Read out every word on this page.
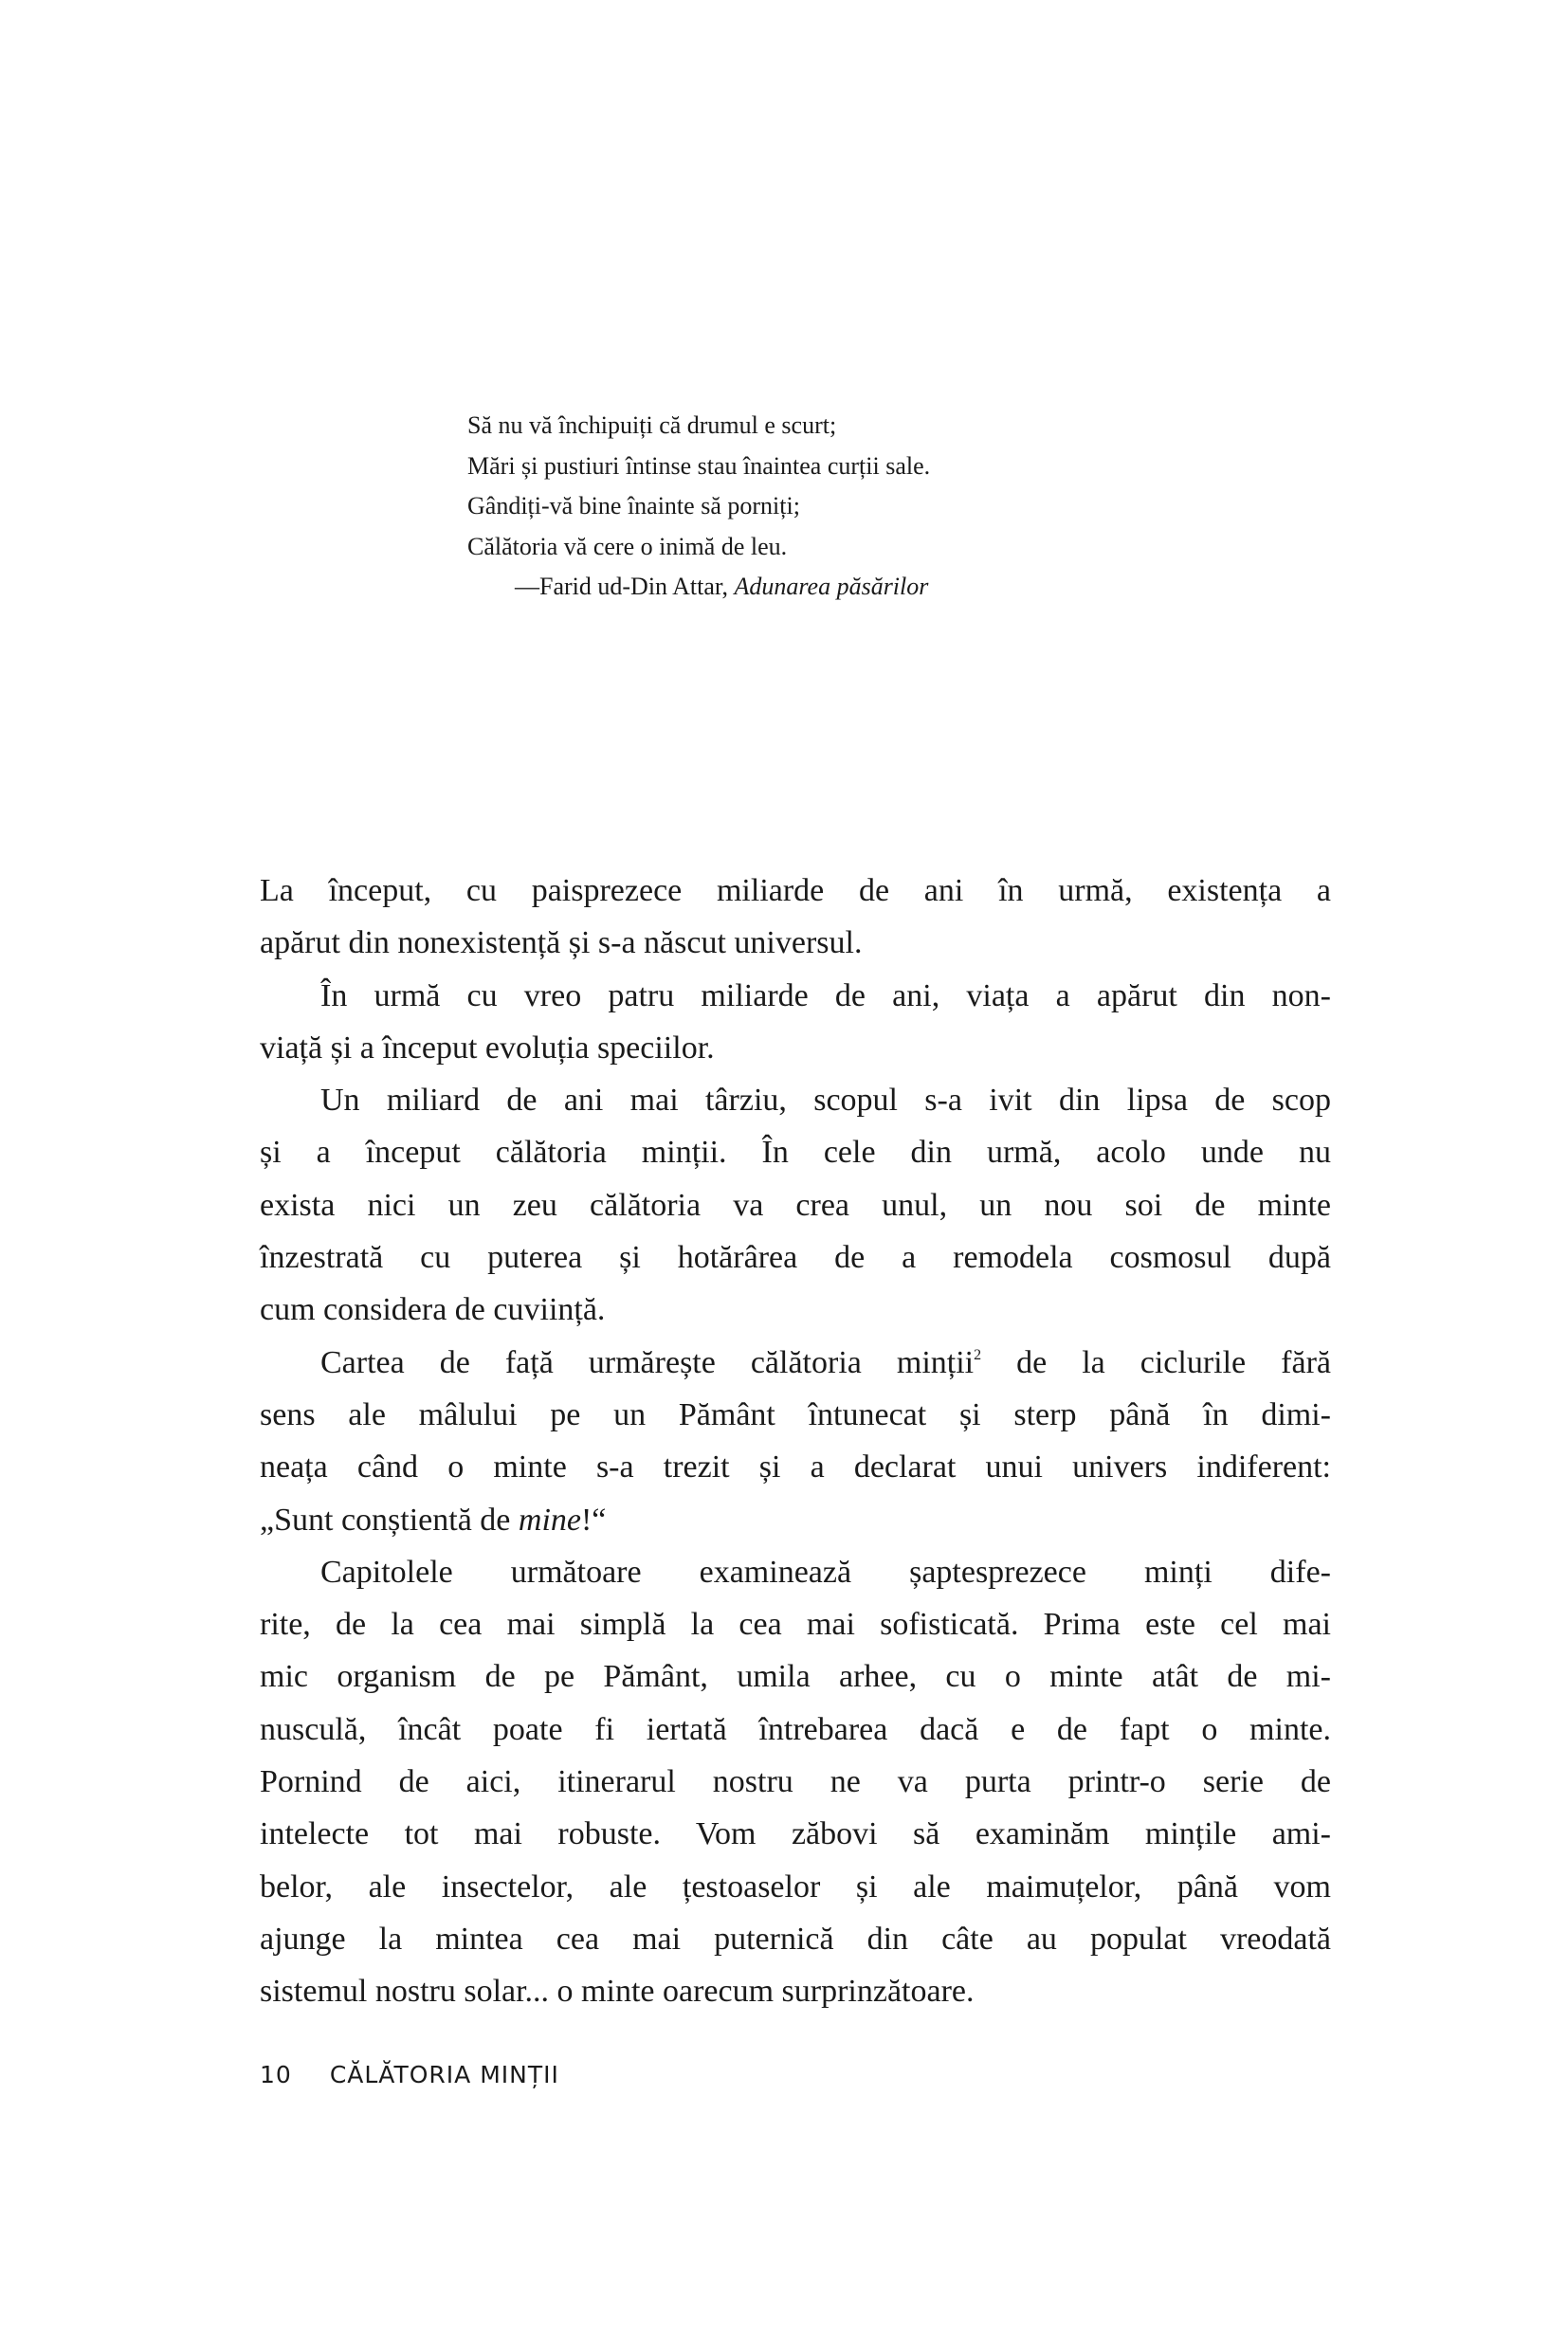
Să nu vă închipuiți că drumul e scurt;
Mări și pustiuri întinse stau înaintea curții sale.
Gândiți-vă bine înainte să porniți;
Călătoria vă cere o inimă de leu.
—Farid ud-Din Attar, Adunarea păsărilor
La început, cu paisprezece miliarde de ani în urmă, existența a
apărut din nonexistență și s-a născut universul.
În urmă cu vreo patru miliarde de ani, viața a apărut din non-
viață și a început evoluția speciilor.
Un miliard de ani mai târziu, scopul s-a ivit din lipsa de scop
și a început călătoria minții. În cele din urmă, acolo unde nu
exista nici un zeu călătoria va crea unul, un nou soi de minte
înzestrată cu puterea și hotărârea de a remodela cosmosul după
cum considera de cuviință.
Cartea de față urmărește călătoria minții$^2$ de la ciclurile fără
sens ale mâlului pe un Pământ întunecat și sterp până în dimi-
neața când o minte s-a trezit și a declarat unui univers indiferent:
„Sunt conștientă de mine!“
Capitolele următoare examinează șaptesprezece minți dife-
rite, de la cea mai simplă la cea mai sofisticată. Prima este cel mai
mic organism de pe Pământ, umila arhee, cu o minte atât de mi-
nusculă, încât poate fi iertată întrebarea dacă e de fapt o minte.
Pornind de aici, itinerarul nostru ne va purta printr-o serie de
intelecte tot mai robuste. Vom zăbovi să examinăm mințile ami-
belor, ale insectelor, ale țestoaselor și ale maimuțelor, până vom
ajunge la mintea cea mai puternică din câte au populat vreodată
sistemul nostru solar... o minte oarecum surprinzătoare.
10 CĂLĂTORIA MINȚII
